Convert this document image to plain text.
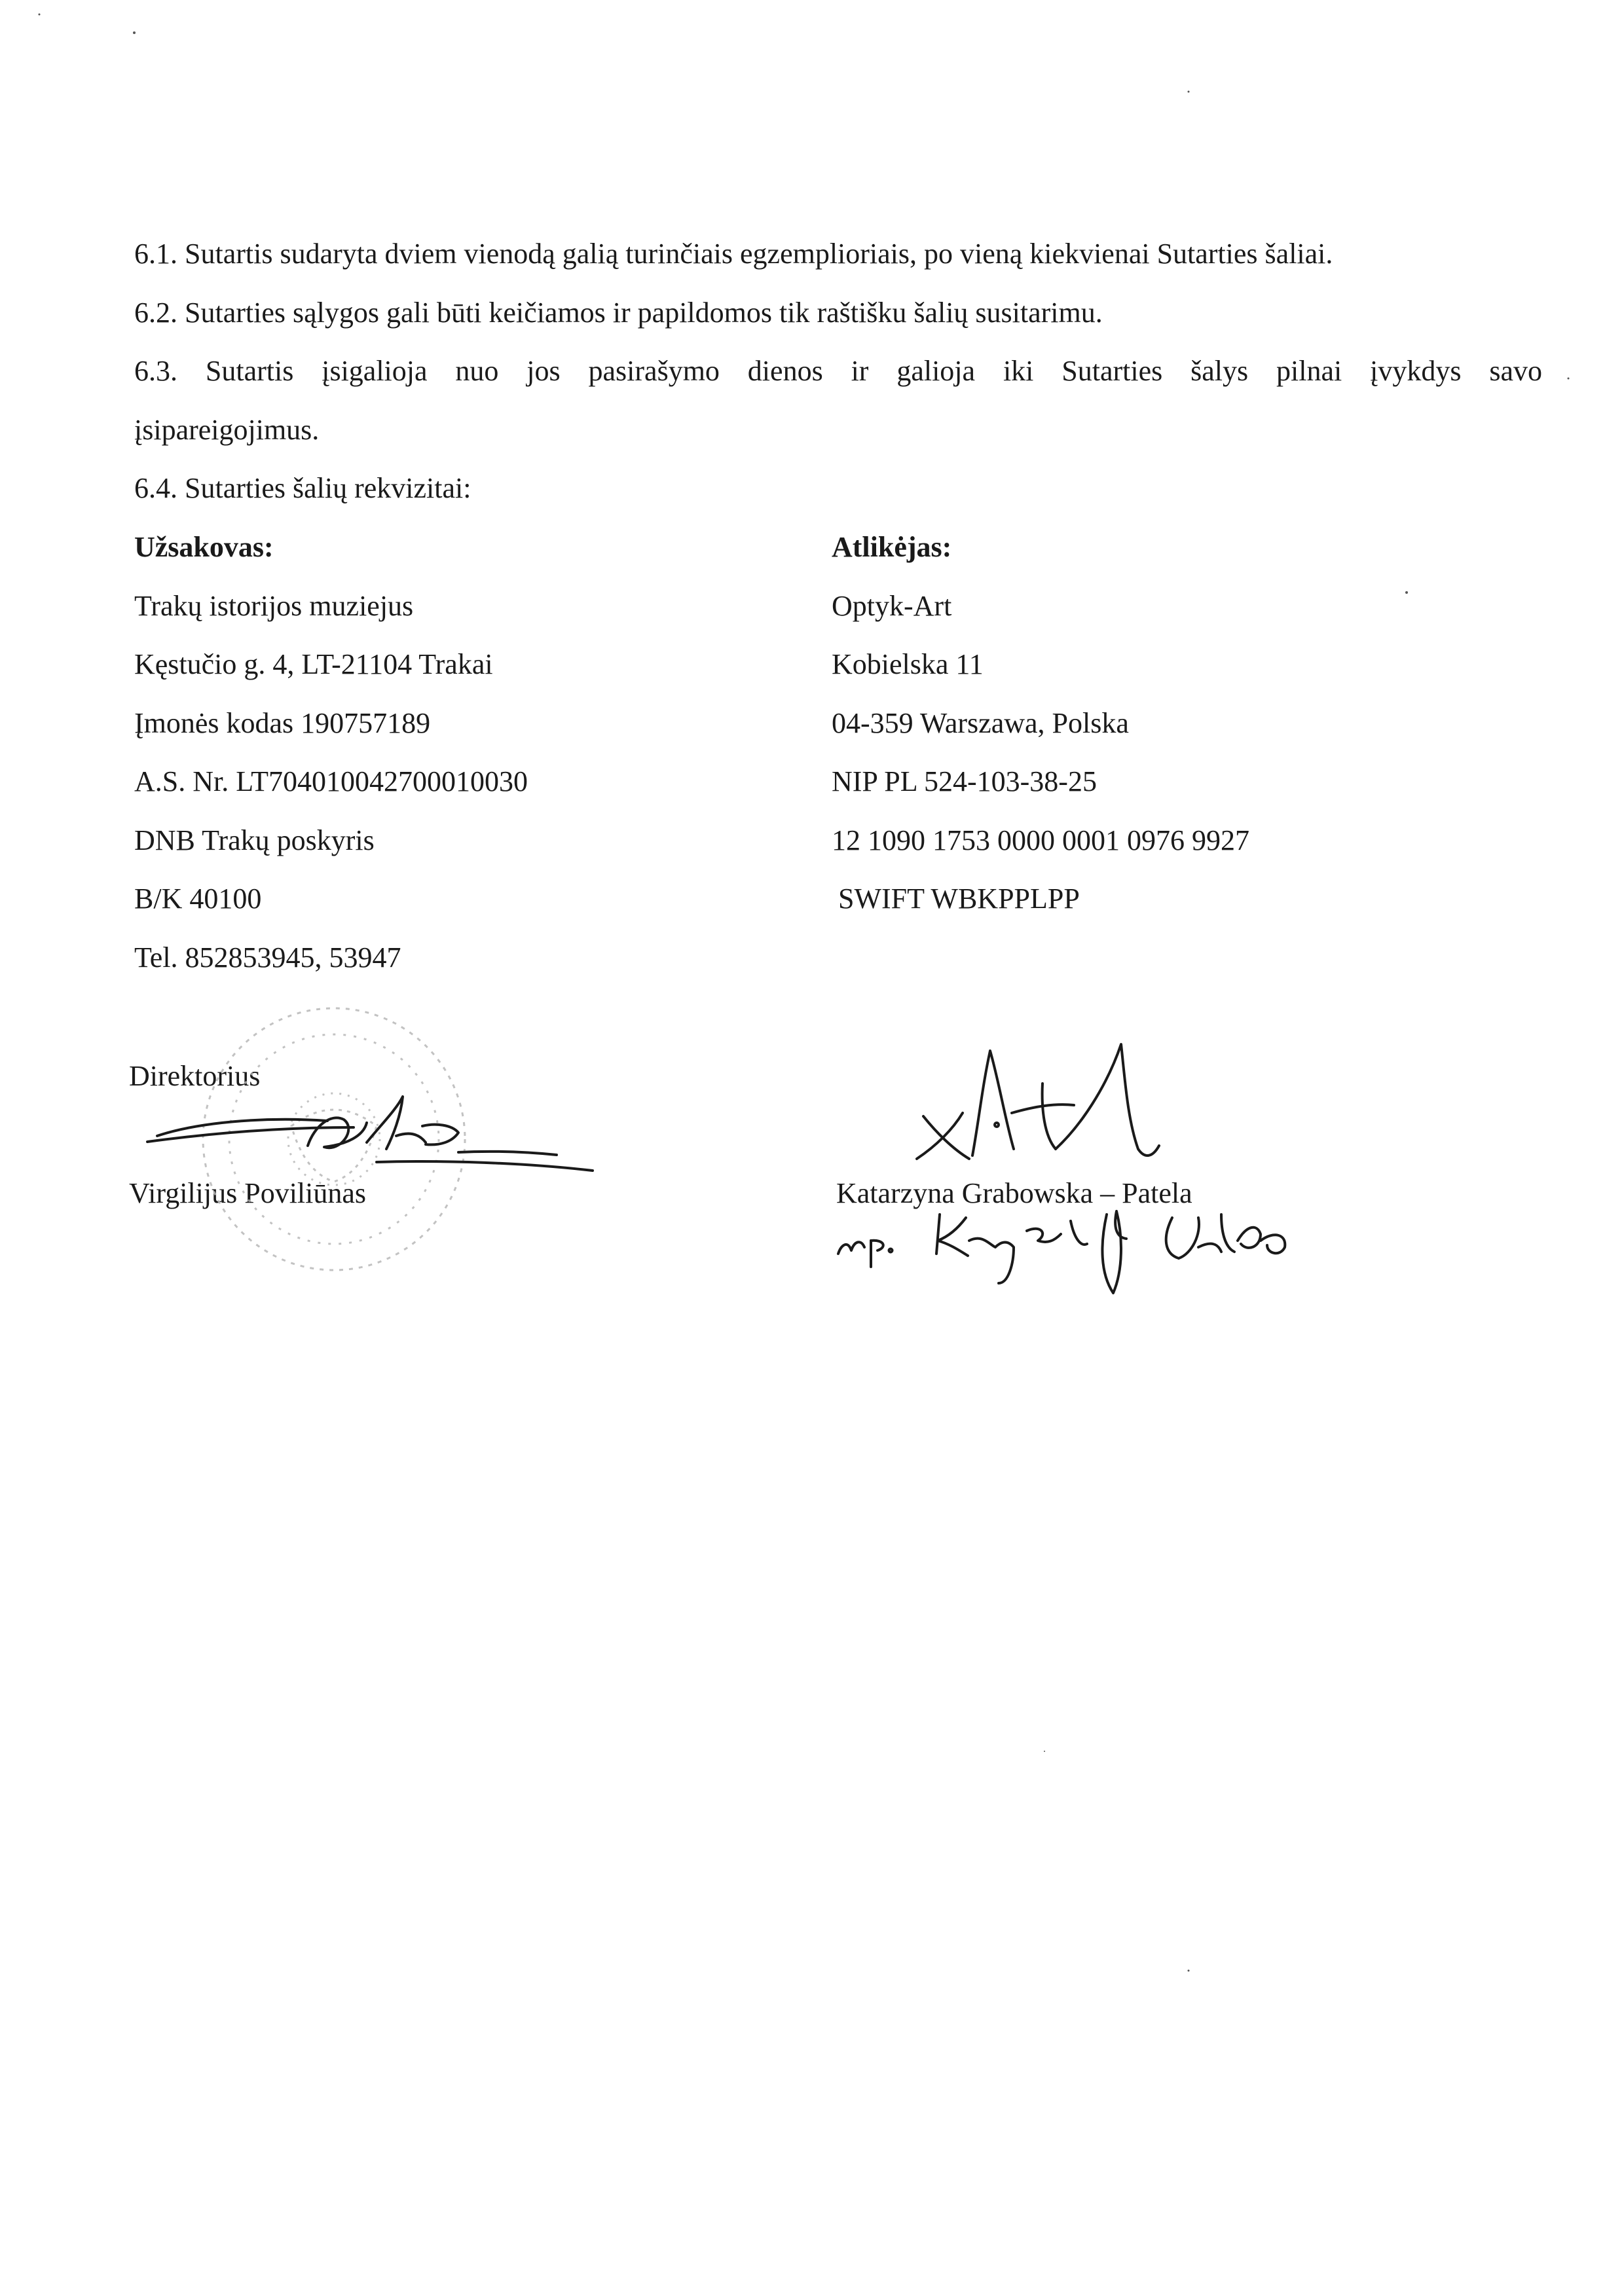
6.1. Sutartis sudaryta dviem vienodą galią turinčiais egzemplioriais, po vieną kiekvienai Sutarties šaliai.
6.2. Sutarties sąlygos gali būti keičiamos ir papildomos tik raštišku šalių susitarimu.
6.3. Sutartis įsigalioja nuo jos pasirašymo dienos ir galioja iki Sutarties šalys pilnai įvykdys savo
įsipareigojimus.
6.4. Sutarties šalių rekvizitai:
Užsakovas:
Trakų istorijos muziejus
Kęstučio g. 4, LT-21104 Trakai
Įmonės kodas 190757189
A.S. Nr. LT704010042700010030
DNB Trakų poskyris
B/K 40100
Tel. 852853945, 53947
Atlikėjas:
Optyk-Art
Kobielska 11
04-359 Warszawa, Polska
NIP PL 524-103-38-25
12 1090 1753 0000 0001 0976 9927
SWIFT WBKPPLPP
Direktorius
Virgilijus Poviliūnas	Katarzyna Grabowska – Patela
